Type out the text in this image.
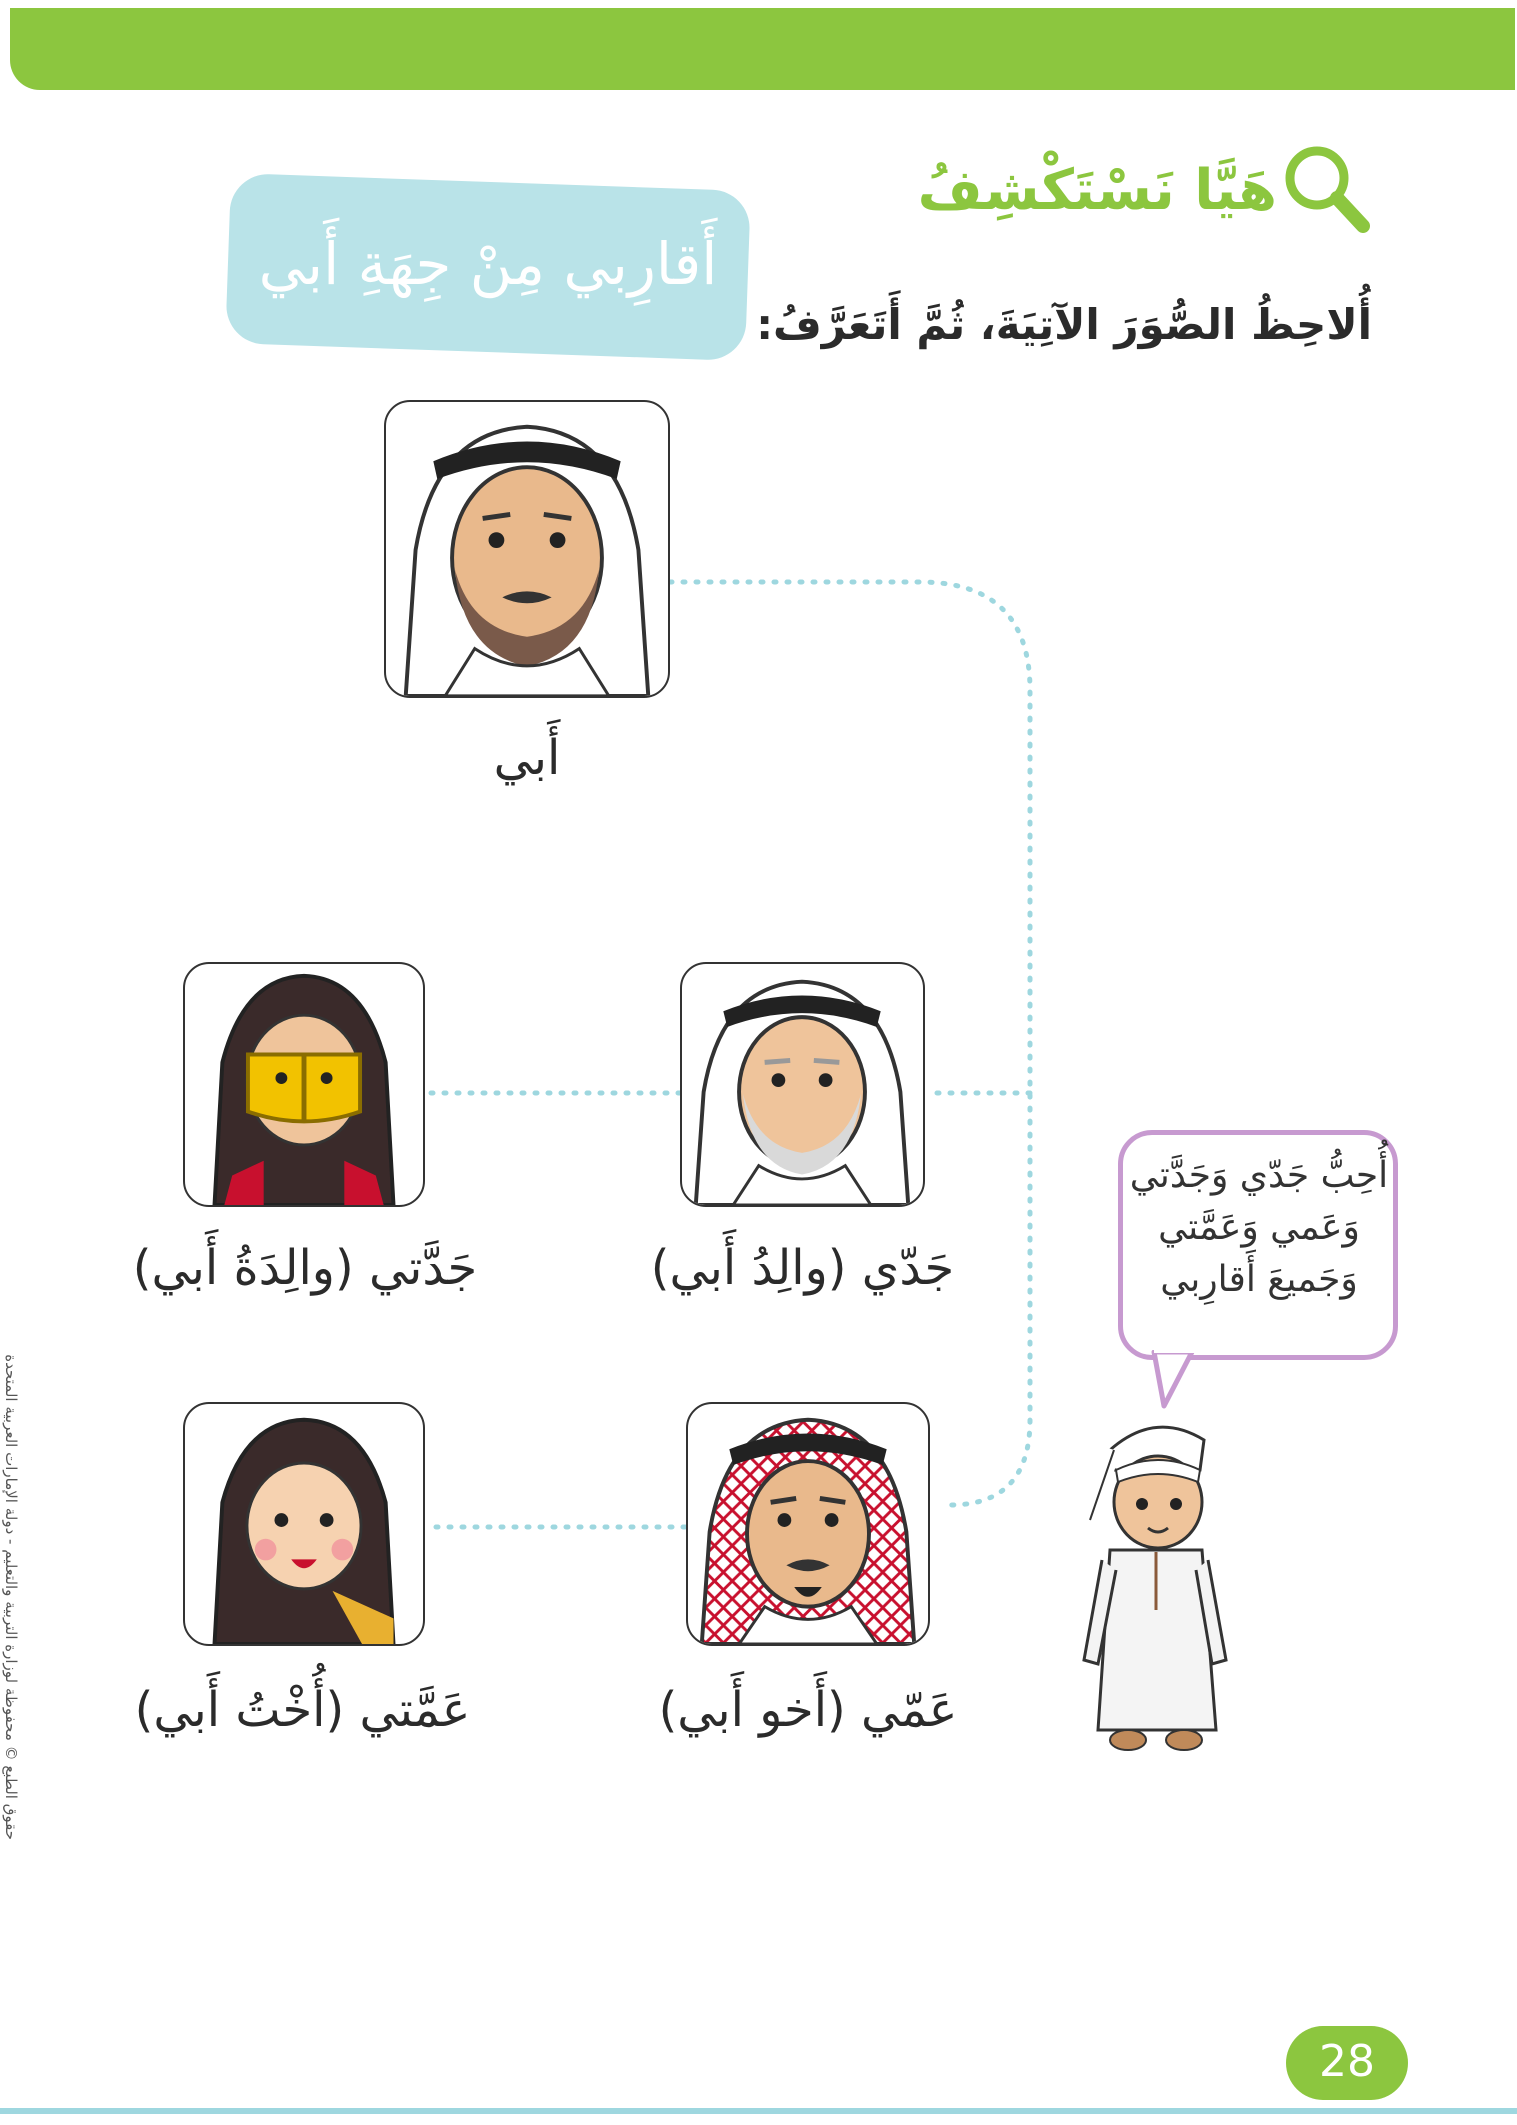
هَيَّا نَسْتَكْشِفُ
أَقارِبي مِنْ جِهَةِ أَبي
أُلاحِظُ الصُّوَرَ الآتِيَةَ، ثُمَّ أَتَعَرَّفُ:
أَبي
جَدّي (والِدُ أَبي)
جَدَّتي (والِدَةُ أَبي)
عَمّي (أَخو أَبي)
عَمَّتي (أُخْتُ أَبي)
أُحِبُّ جَدّي وَجَدَّتي
وَعَمي وَعَمَّتي
وَجَميعَ أَقارِبي
حقوق الطبع © محفوظة لوزارة التربية والتعليم - دولة الإمارات العربية المتحدة
28
